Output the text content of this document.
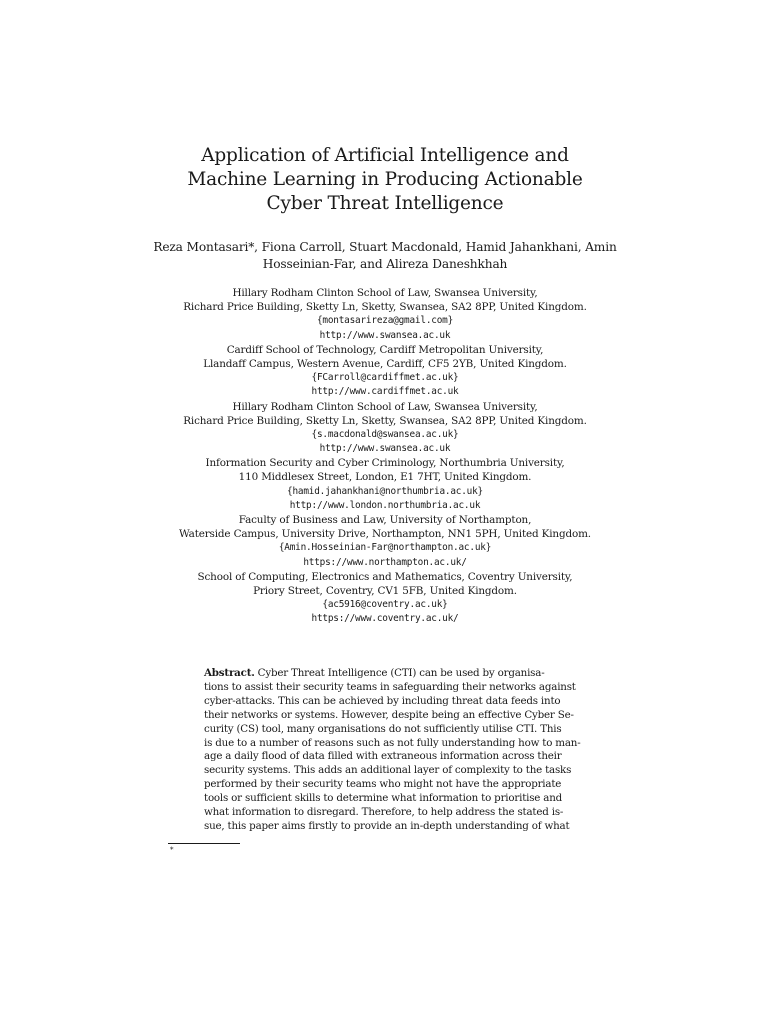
Application of Artificial Intelligence and
Machine Learning in Producing Actionable
Cyber Threat Intelligence
Reza Montasari*, Fiona Carroll, Stuart Macdonald, Hamid Jahankhani, Amin
Hosseinian-Far, and Alireza Daneshkhah
Hillary Rodham Clinton School of Law, Swansea University,
Richard Price Building, Sketty Ln, Sketty, Swansea, SA2 8PP, United Kingdom.
{montasarireza@gmail.com}
http://www.swansea.ac.uk
Cardiff School of Technology, Cardiff Metropolitan University,
Llandaff Campus, Western Avenue, Cardiff, CF5 2YB, United Kingdom.
{FCarroll@cardiffmet.ac.uk}
http://www.cardiffmet.ac.uk
Hillary Rodham Clinton School of Law, Swansea University,
Richard Price Building, Sketty Ln, Sketty, Swansea, SA2 8PP, United Kingdom.
{s.macdonald@swansea.ac.uk}
http://www.swansea.ac.uk
Information Security and Cyber Criminology, Northumbria University,
110 Middlesex Street, London, E1 7HT, United Kingdom.
{hamid.jahankhani@northumbria.ac.uk}
http://www.london.northumbria.ac.uk
Faculty of Business and Law, University of Northampton,
Waterside Campus, University Drive, Northampton, NN1 5PH, United Kingdom.
{Amin.Hosseinian-Far@northampton.ac.uk}
https://www.northampton.ac.uk/
School of Computing, Electronics and Mathematics, Coventry University,
Priory Street, Coventry, CV1 5FB, United Kingdom.
{ac5916@coventry.ac.uk}
https://www.coventry.ac.uk/
Abstract. Cyber Threat Intelligence (CTI) can be used by organisa-
tions to assist their security teams in safeguarding their networks against
cyber-attacks. This can be achieved by including threat data feeds into
their networks or systems. However, despite being an effective Cyber Se-
curity (CS) tool, many organisations do not sufficiently utilise CTI. This
is due to a number of reasons such as not fully understanding how to man-
age a daily flood of data filled with extraneous information across their
security systems. This adds an additional layer of complexity to the tasks
performed by their security teams who might not have the appropriate
tools or sufficient skills to determine what information to prioritise and
what information to disregard. Therefore, to help address the stated is-
sue, this paper aims firstly to provide an in-depth understanding of what
*
